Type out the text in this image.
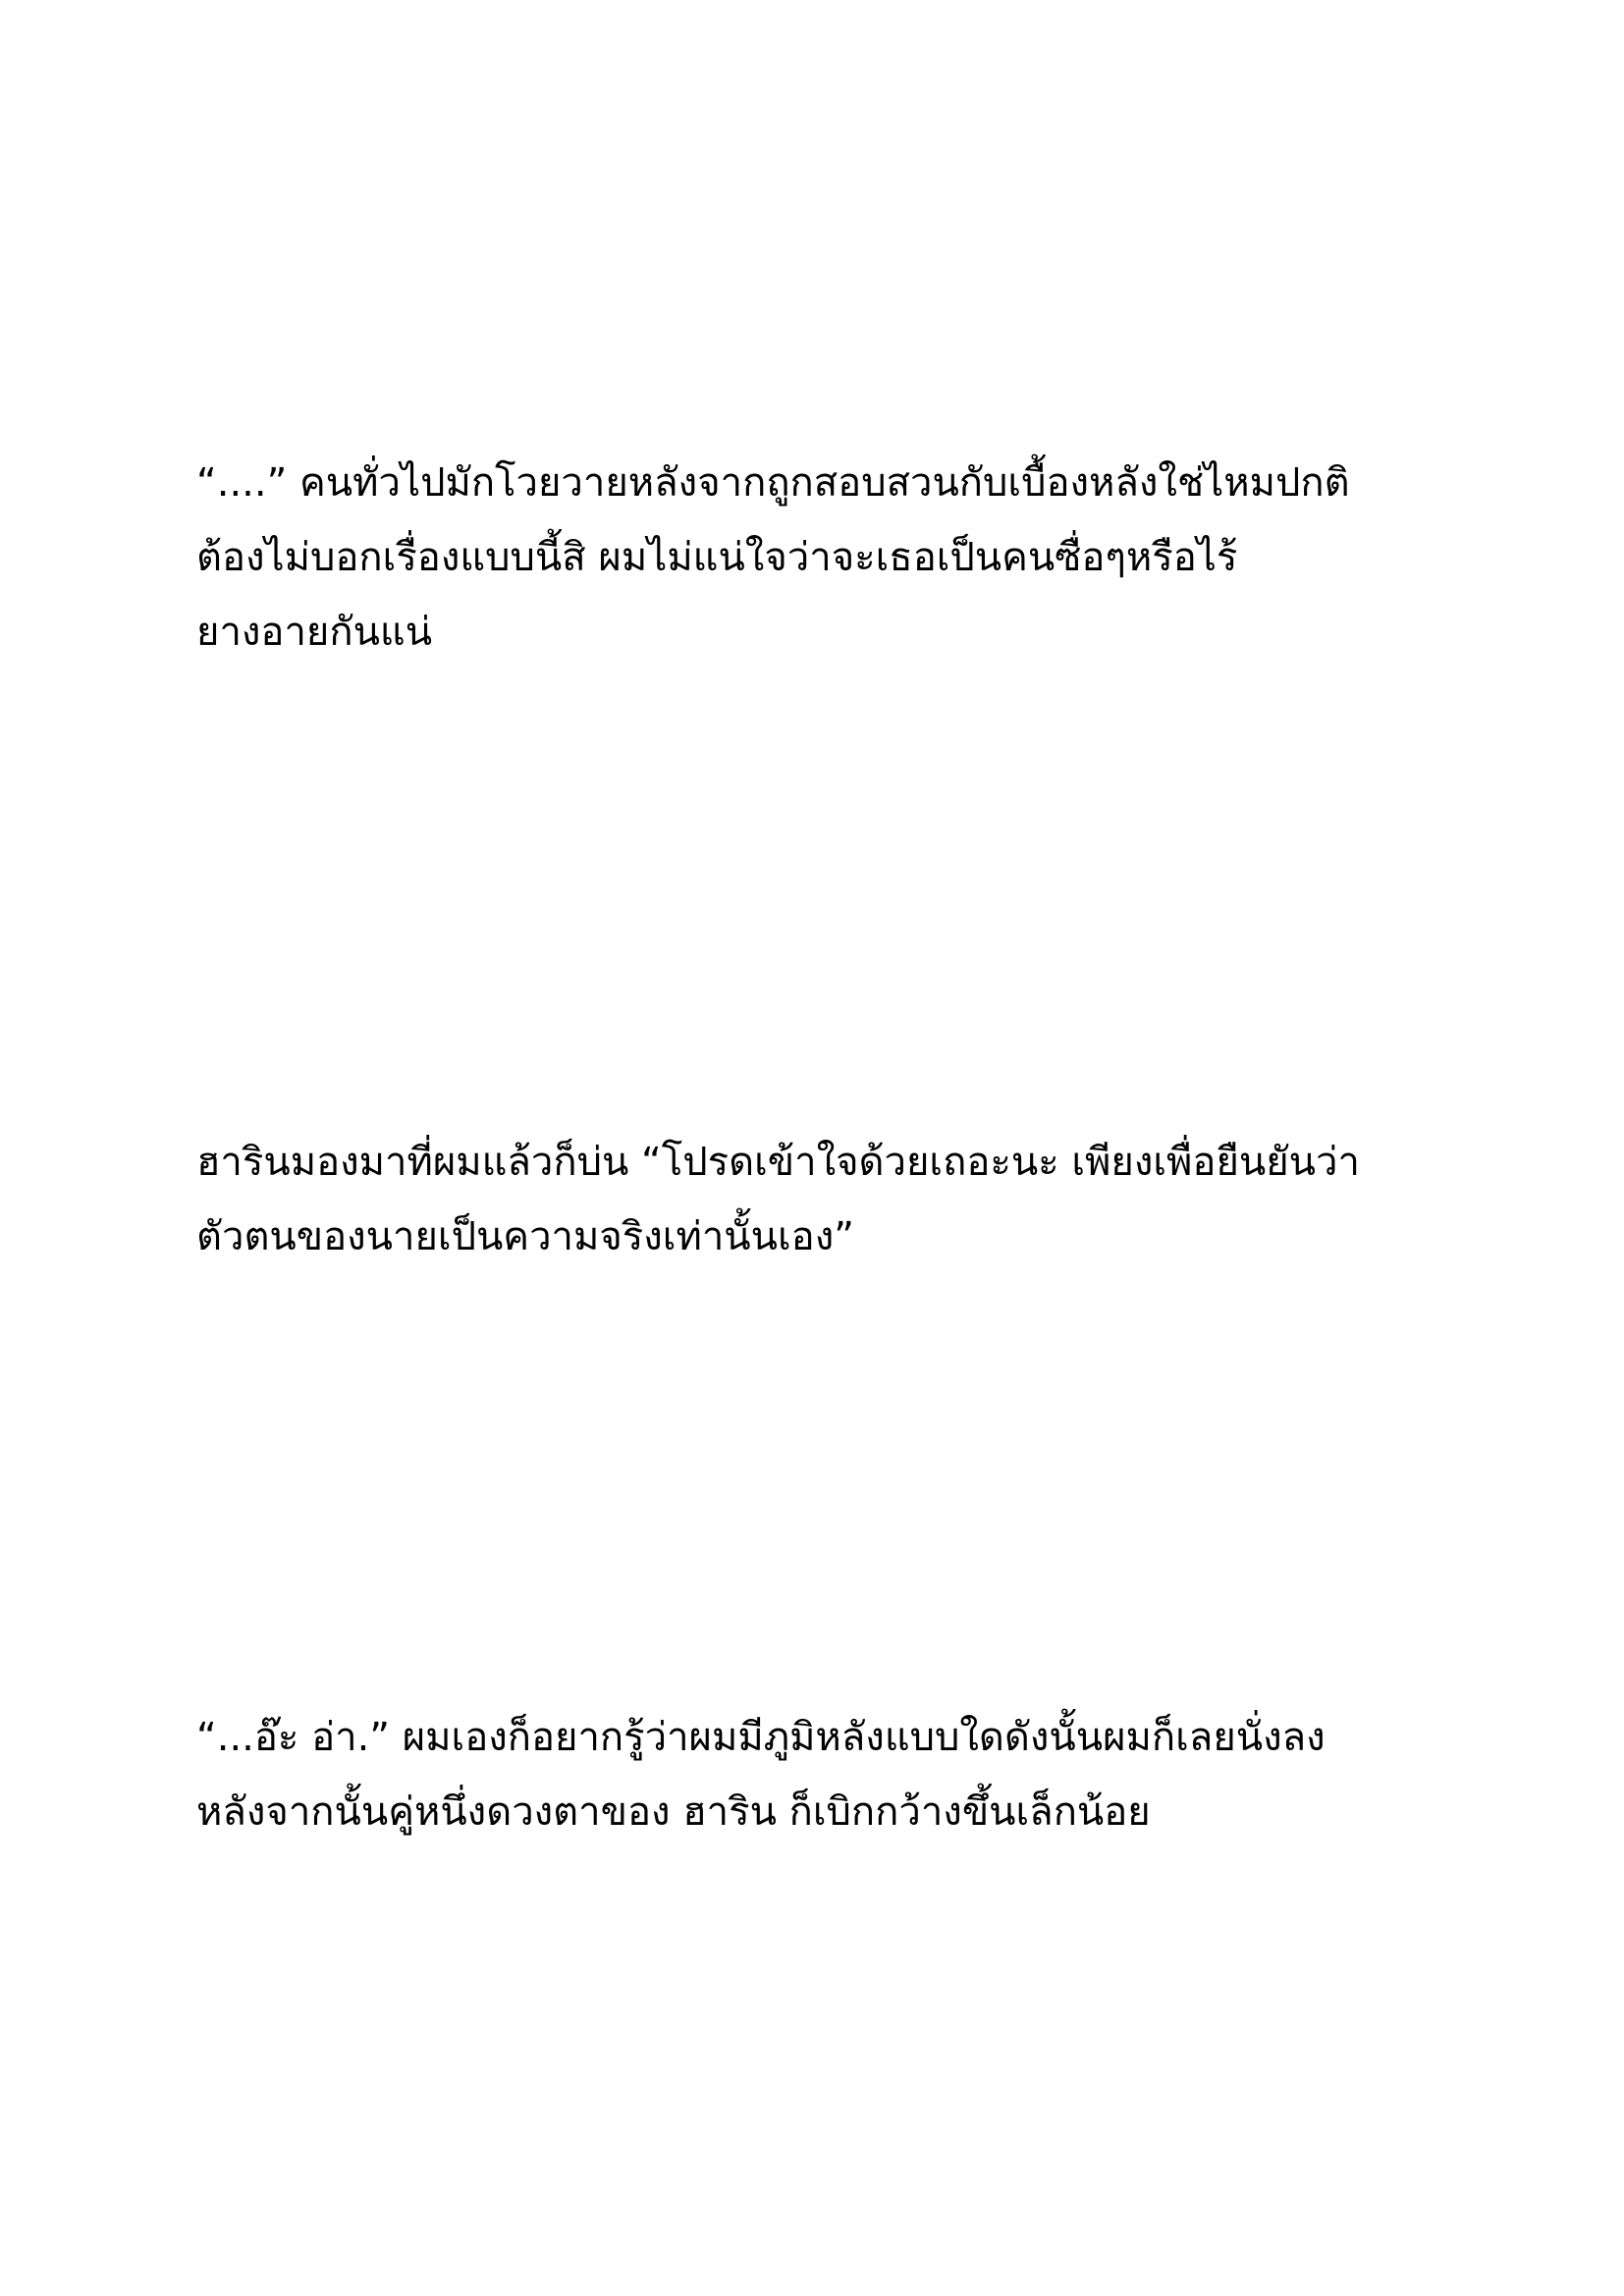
“....” คนทั่วไปมักโวยวายหลังจากถูกสอบสวนกับเบื้องหลังใช่ไหมปกติ
ต้องไม่บอกเรื่องแบบนี้สิ ผมไม่แน่ใจว่าจะเธอเป็นคนซื่อๆหรือไร้
ยางอายกันแน่

ฮารินมองมาที่ผมแล้วก็บ่น “โปรดเข้าใจด้วยเถอะนะ เพียงเพื่อยืนยันว่า
ตัวตนของนายเป็นความจริงเท่านั้นเอง”

“...อ๊ะ อ่า.” ผมเองก็อยากรู้ว่าผมมีภูมิหลังแบบใดดังนั้นผมก็เลยนั่งลง
หลังจากนั้นคู่หนึ่งดวงตาของ ฮาริน ก็เบิกกว้างขึ้นเล็กน้อย
